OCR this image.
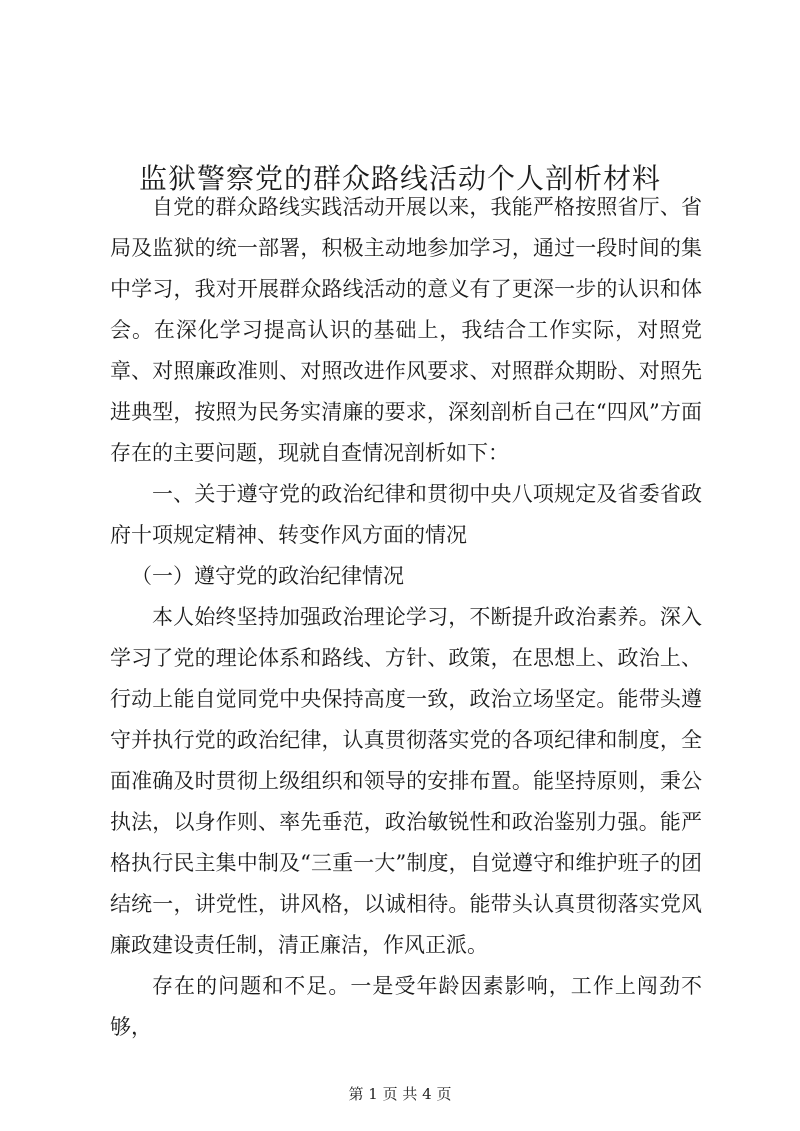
监狱警察党的群众路线活动个人剖析材料

自党的群众路线实践活动开展以来，我能严格按照省厅、省局及监狱的统一部署，积极主动地参加学习，通过一段时间的集中学习，我对开展群众路线活动的意义有了更深一步的认识和体会。在深化学习提高认识的基础上，我结合工作实际，对照党章、对照廉政准则、对照改进作风要求、对照群众期盼、对照先进典型，按照为民务实清廉的要求，深刻剖析自己在“四风”方面存在的主要问题，现就自查情况剖析如下：

一、关于遵守党的政治纪律和贯彻中央八项规定及省委省政府十项规定精神、转变作风方面的情况

（一）遵守党的政治纪律情况

本人始终坚持加强政治理论学习，不断提升政治素养。深入学习了党的理论体系和路线、方针、政策，在思想上、政治上、行动上能自觉同党中央保持高度一致，政治立场坚定。能带头遵守并执行党的政治纪律，认真贯彻落实党的各项纪律和制度，全面准确及时贯彻上级组织和领导的安排布置。能坚持原则，秉公执法，以身作则、率先垂范，政治敏锐性和政治鉴别力强。能严格执行民主集中制及“三重一大”制度，自觉遵守和维护班子的团结统一，讲党性，讲风格，以诚相待。能带头认真贯彻落实党风廉政建设责任制，清正廉洁，作风正派。

存在的问题和不足。一是受年龄因素影响，工作上闯劲不够，

第 1 页 共 4 页
